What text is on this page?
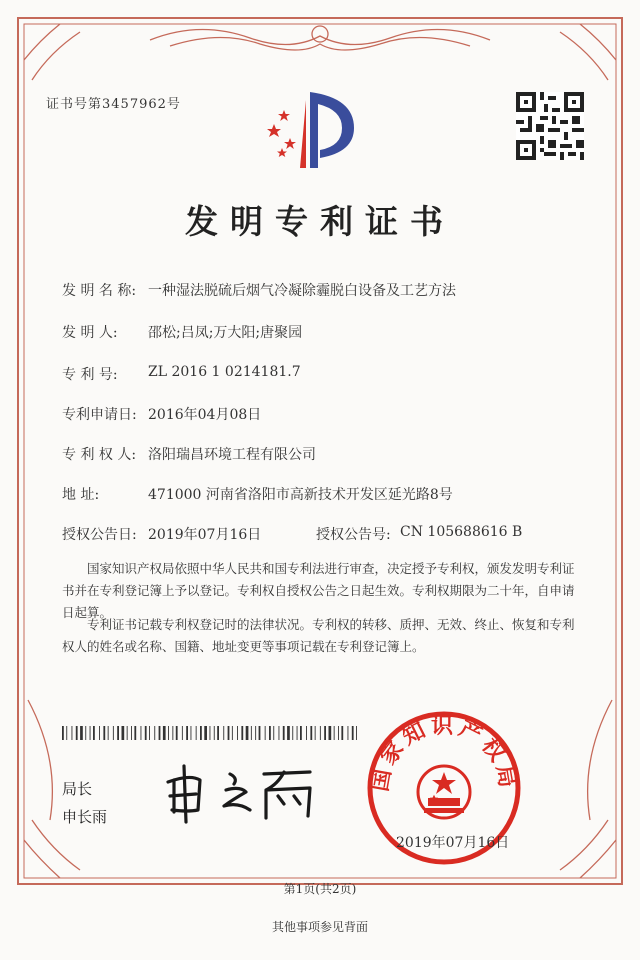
证书号第3457962号
发明专利证书
发 明 名 称: 一种湿法脱硫后烟气冷凝除霾脱白设备及工艺方法
发 明 人: 邵松;吕凤;万大阳;唐聚园
专 利 号: ZL 2016 1 0214181.7
专利申请日: 2016年04月08日
专 利 权 人: 洛阳瑞昌环境工程有限公司
地 址:	471000 河南省洛阳市高新技术开发区延光路8号
授权公告日: 2019年07月16日	授权公告号: CN 105688616 B
国家知识产权局依照中华人民共和国专利法进行审查，决定授予专利权，颁发发明专利证书并在专利登记簿上予以登记。专利权自授权公告之日起生效。专利权期限为二十年，自申请日起算。
专利证书记载专利权登记时的法律状况。专利权的转移、质押、无效、终止、恢复和专利权人的姓名或名称、国籍、地址变更等事项记载在专利登记簿上。
局长
申长雨
国家知识产权局
2019年07月16日
第1页(共2页)
其他事项参见背面
